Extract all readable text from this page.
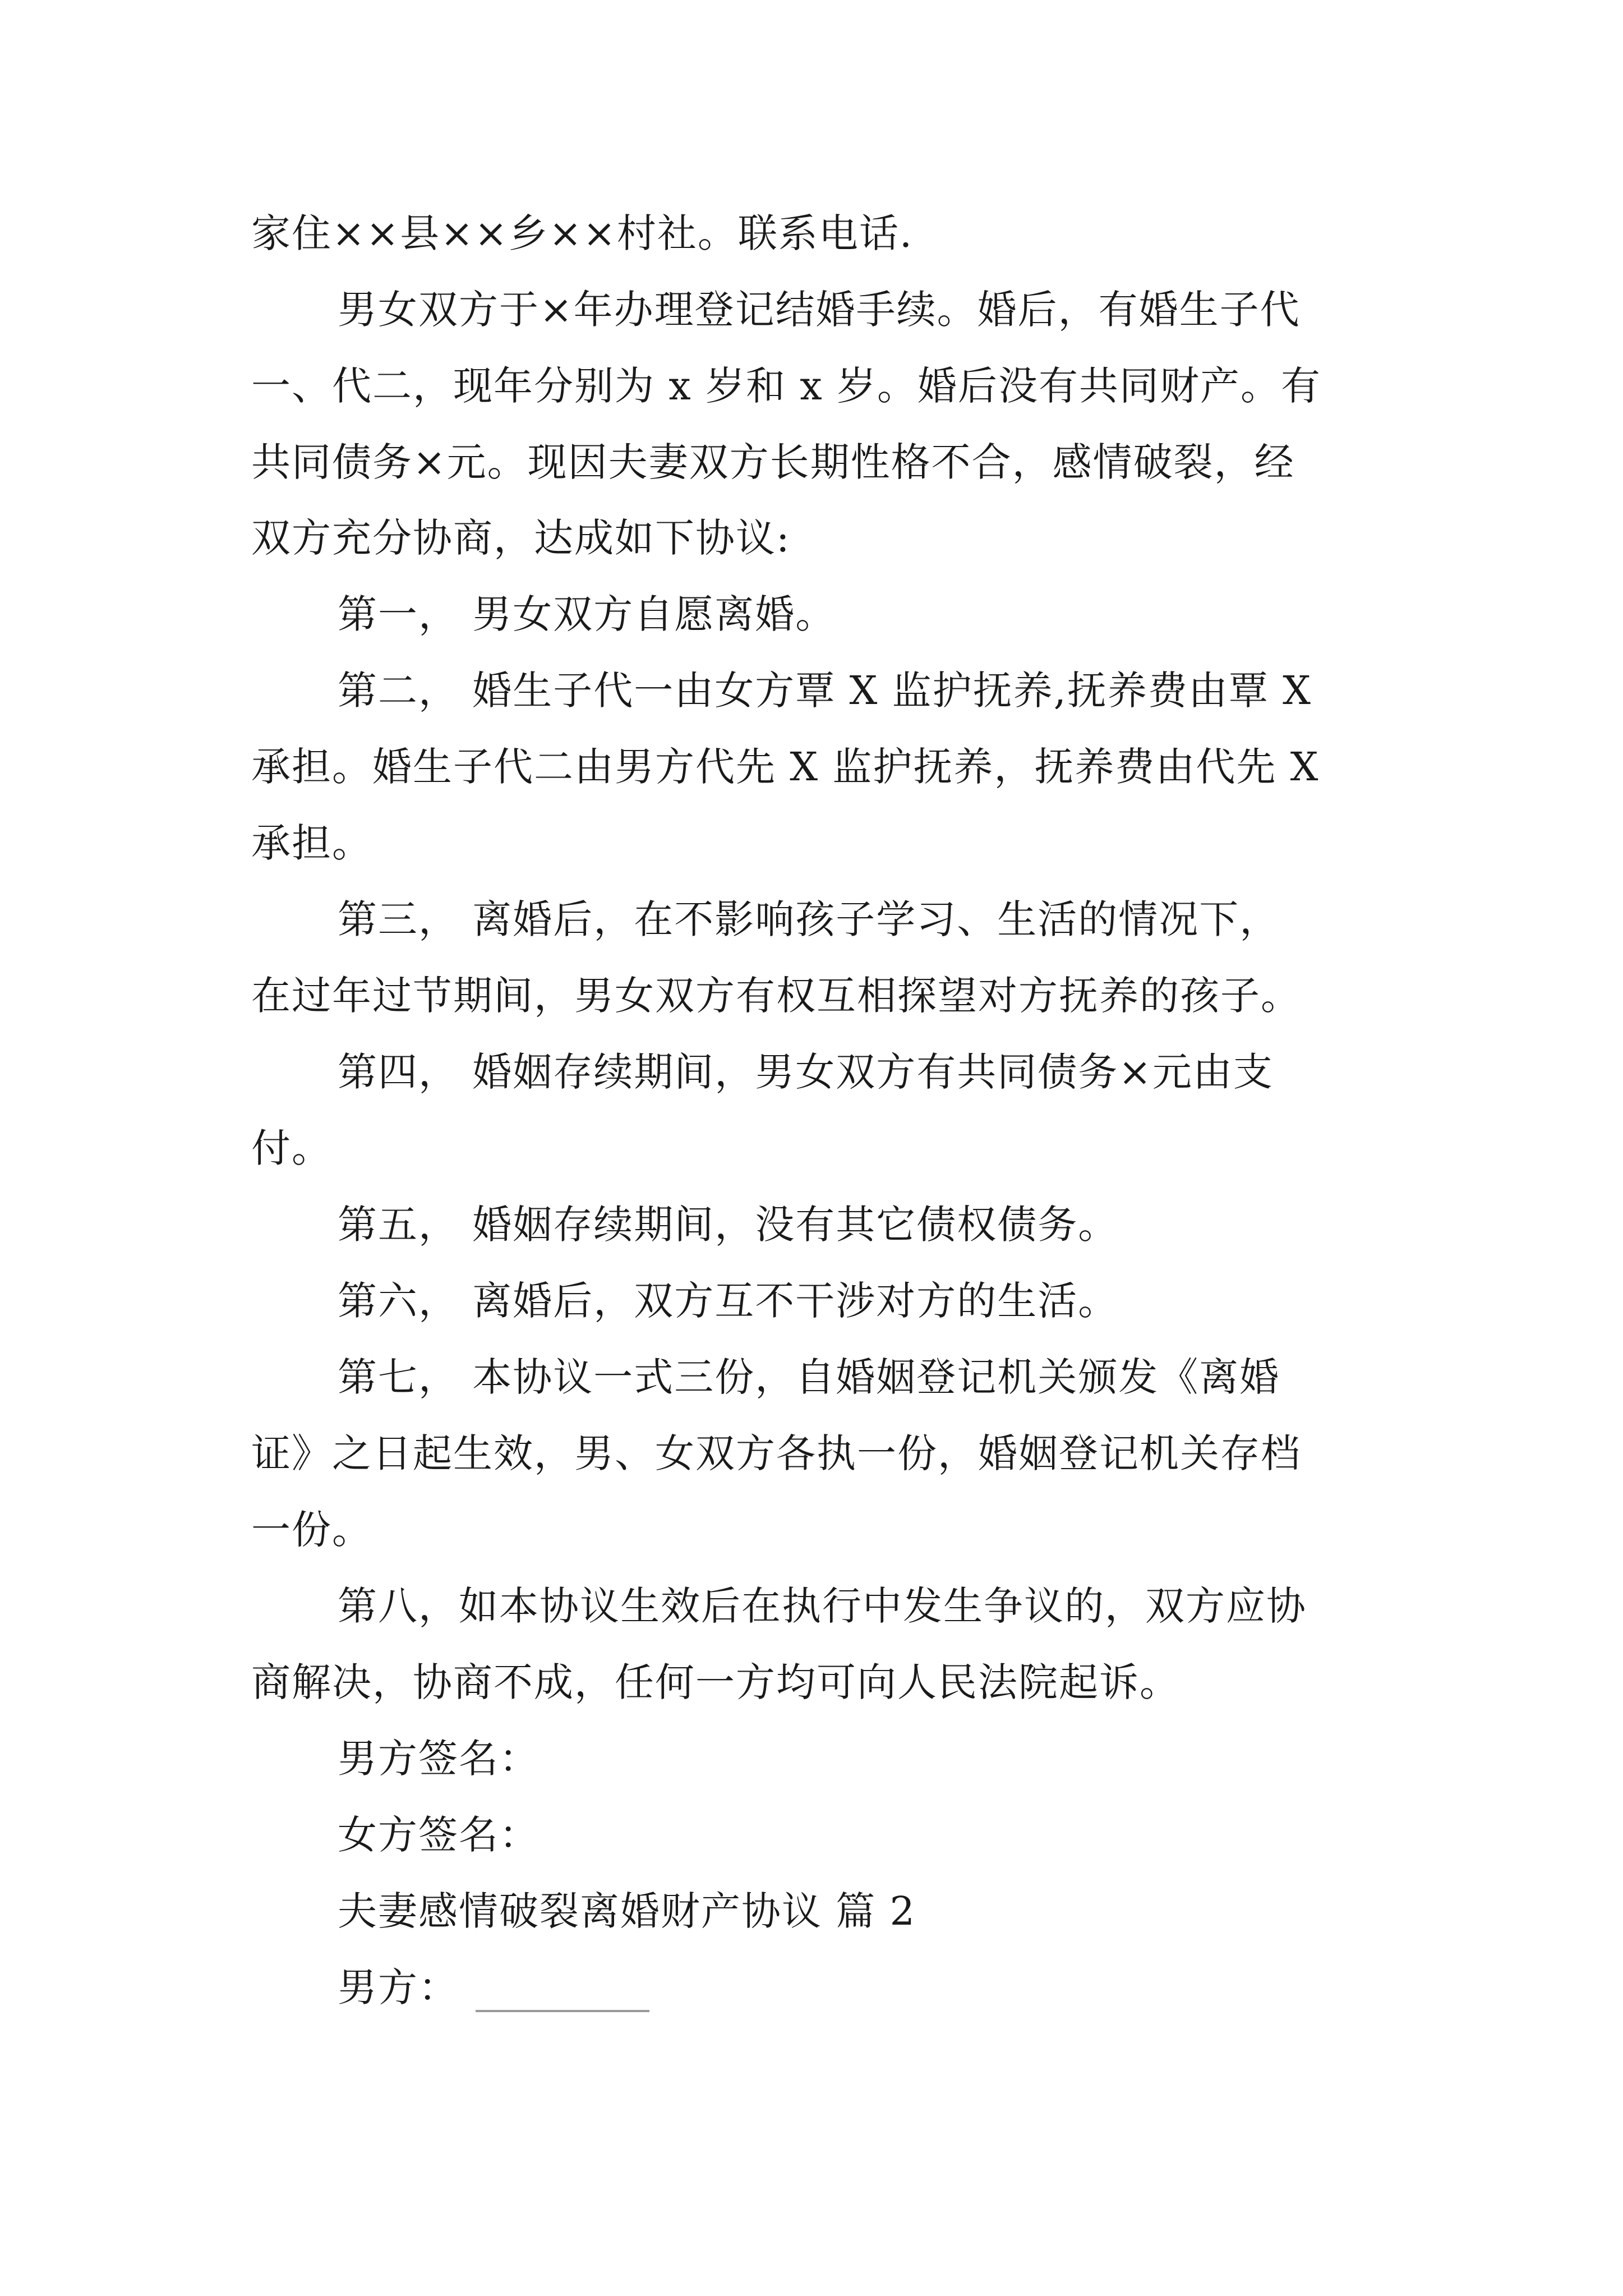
家住××县××乡××村社。联系电话.
男女双方于×年办理登记结婚手续。婚后，有婚生子代
一、代二，现年分别为 x 岁和 x 岁。婚后没有共同财产。有
共同债务×元。现因夫妻双方长期性格不合，感情破裂，经
双方充分协商，达成如下协议:
第一， 男女双方自愿离婚。
第二， 婚生子代一由女方覃 X 监护抚养,抚养费由覃 X
承担。婚生子代二由男方代先 X 监护抚养，抚养费由代先 X
承担。
第三， 离婚后，在不影响孩子学习、生活的情况下，
在过年过节期间，男女双方有权互相探望对方抚养的孩子。
第四， 婚姻存续期间，男女双方有共同债务×元由支
付。
第五， 婚姻存续期间，没有其它债权债务。
第六， 离婚后，双方互不干涉对方的生活。
第七， 本协议一式三份，自婚姻登记机关颁发《离婚
证》之日起生效，男、女双方各执一份，婚姻登记机关存档
一份。
第八，如本协议生效后在执行中发生争议的，双方应协
商解决，协商不成，任何一方均可向人民法院起诉。
男方签名：
女方签名：
夫妻感情破裂离婚财产协议 篇 2
男方：
